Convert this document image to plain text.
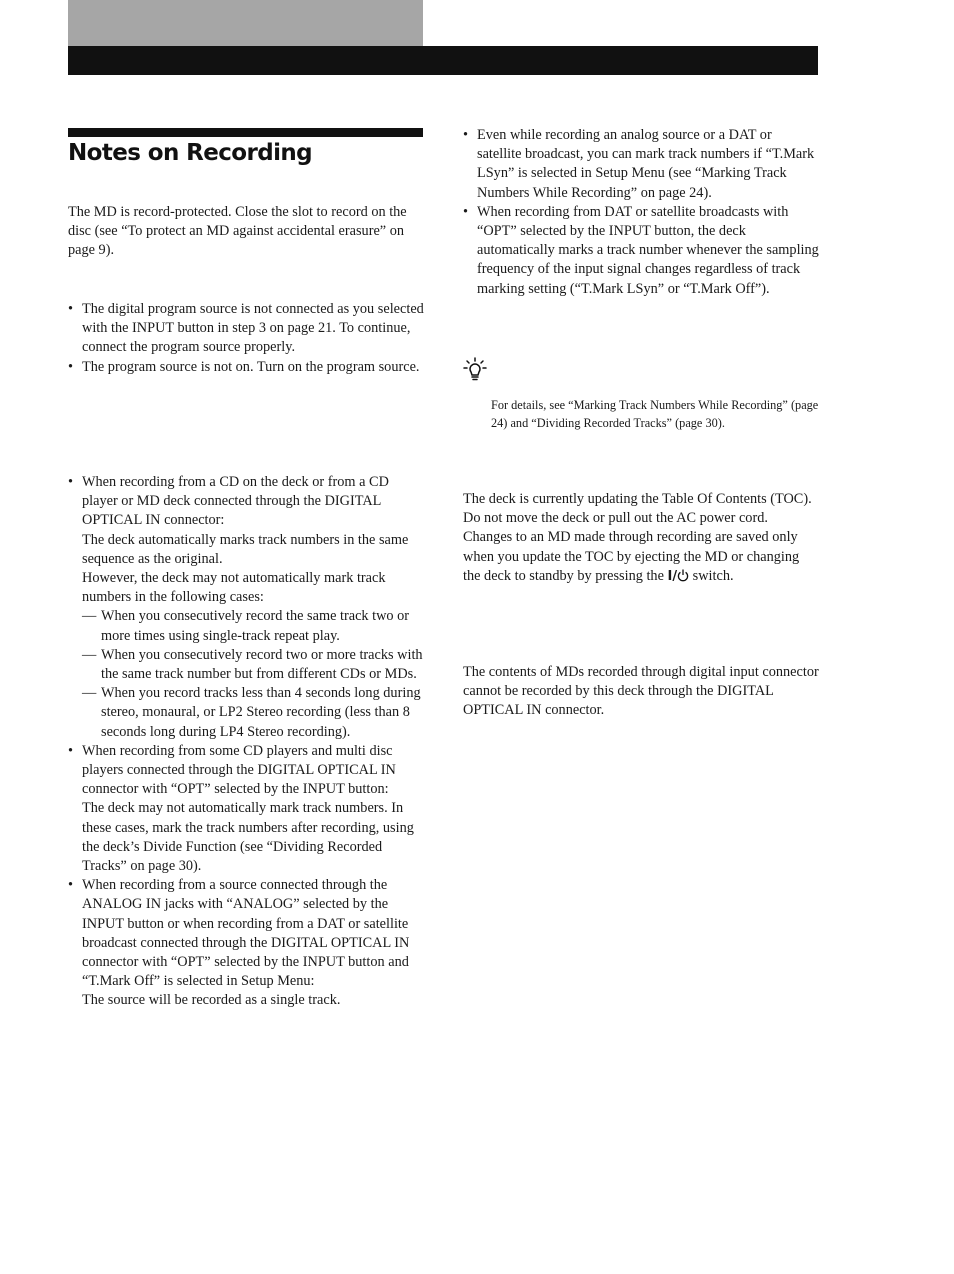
Notes on Recording

The MD is record-protected. Close the slot to record on the disc (see “To protect an MD against accidental erasure” on page 9).

• The digital program source is not connected as you selected with the INPUT button in step 3 on page 21. To continue, connect the program source properly.
• The program source is not on. Turn on the program source.

• When recording from a CD on the deck or from a CD player or MD deck connected through the DIGITAL OPTICAL IN connector:

The deck automatically marks track numbers in the same sequence as the original.

However, the deck may not automatically mark track numbers in the following cases:

— When you consecutively record the same track two or more times using single-track repeat play.
— When you consecutively record two or more tracks with the same track number but from different CDs or MDs.
— When you record tracks less than 4 seconds long during stereo, monaural, or LP2 Stereo recording (less than 8 seconds long during LP4 Stereo recording).

• When recording from some CD players and multi disc players connected through the DIGITAL OPTICAL IN connector with “OPT” selected by the INPUT button:

The deck may not automatically mark track numbers. In these cases, mark the track numbers after recording, using the deck’s Divide Function (see “Dividing Recorded Tracks” on page 30).

• When recording from a source connected through the ANALOG IN jacks with “ANALOG” selected by the INPUT button or when recording from a DAT or satellite broadcast connected through the DIGITAL OPTICAL IN connector with “OPT” selected by the INPUT button and “T.Mark Off” is selected in Setup Menu:

The source will be recorded as a single track.

• Even while recording an analog source or a DAT or satellite broadcast, you can mark track numbers if “T.Mark LSyn” is selected in Setup Menu (see “Marking Track Numbers While Recording” on page 24).
• When recording from DAT or satellite broadcasts with “OPT” selected by the INPUT button, the deck automatically marks a track number whenever the sampling frequency of the input signal changes regardless of track marking setting (“T.Mark LSyn” or “T.Mark Off”).
For details, see “Marking Track Numbers While Recording” (page 24) and “Dividing Recorded Tracks” (page 30).

The deck is currently updating the Table Of Contents (TOC). Do not move the deck or pull out the AC power cord. Changes to an MD made through recording are saved only when you update the TOC by ejecting the MD or changing the deck to standby by pressing the I/ switch.

The contents of MDs recorded through digital input connector cannot be recorded by this deck through the DIGITAL OPTICAL IN connector.
